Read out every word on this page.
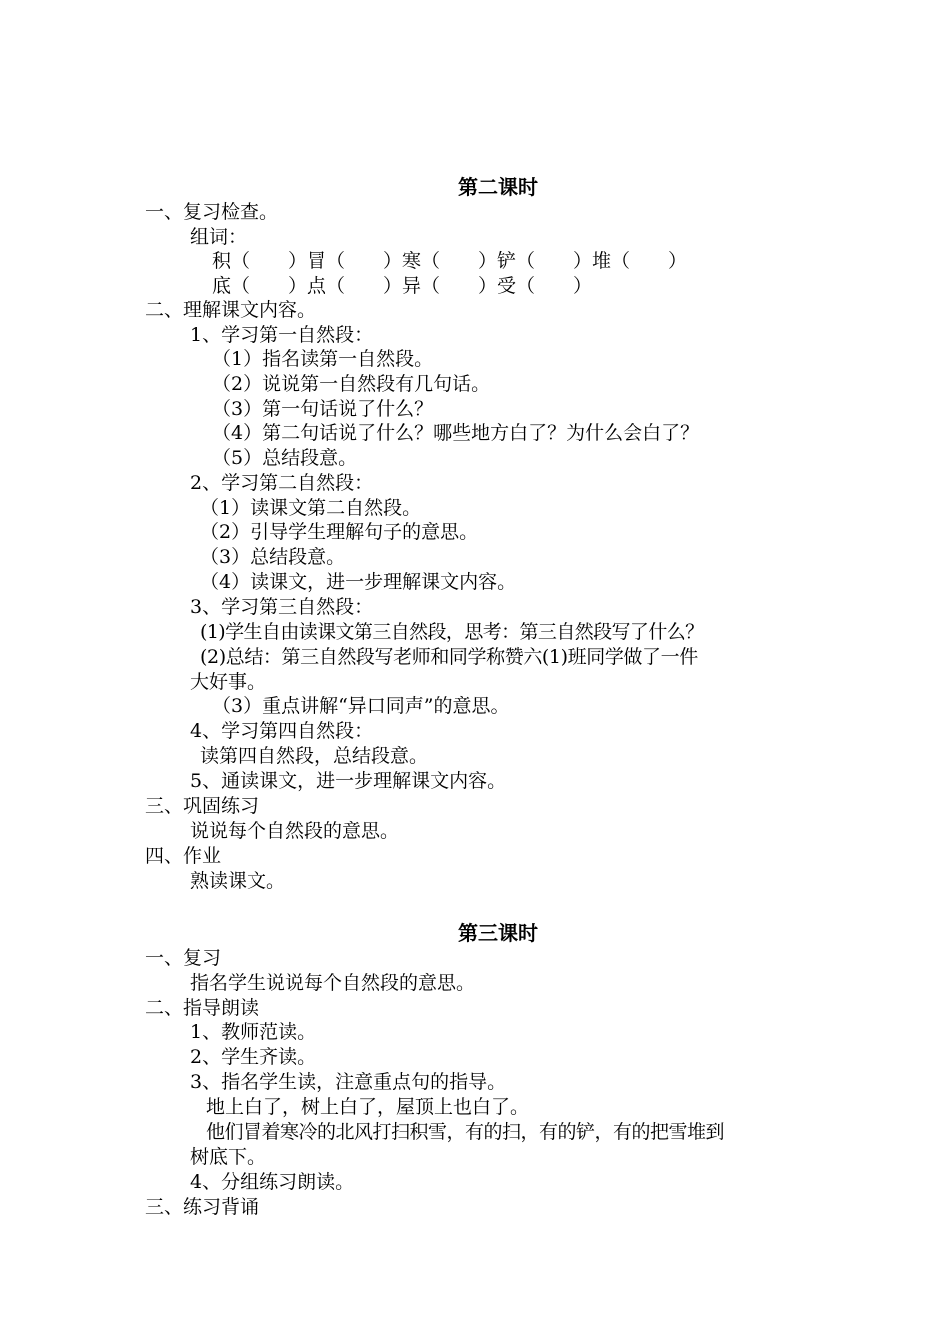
第二课时
一、复习检查。
组词：
积（　　）冒（　　）寒（　　）铲（　　）堆（　　）
底（　　）点（　　）异（　　）受（　　）
二、理解课文内容。
1、学习第一自然段：
（1）指名读第一自然段。
（2）说说第一自然段有几句话。
（3）第一句话说了什么？
（4）第二句话说了什么？哪些地方白了？为什么会白了？
（5）总结段意。
2、学习第二自然段：
（1）读课文第二自然段。
（2）引导学生理解句子的意思。
（3）总结段意。
（4）读课文，进一步理解课文内容。
3、学习第三自然段：
(1)学生自由读课文第三自然段，思考：第三自然段写了什么？
(2)总结：第三自然段写老师和同学称赞六(1)班同学做了一件
大好事。
（3）重点讲解“异口同声”的意思。
4、学习第四自然段：
读第四自然段，总结段意。
5、通读课文，进一步理解课文内容。
三、巩固练习
说说每个自然段的意思。
四、作业
熟读课文。
第三课时
一、复习
指名学生说说每个自然段的意思。
二、指导朗读
1、教师范读。
2、学生齐读。
3、指名学生读，注意重点句的指导。
地上白了，树上白了，屋顶上也白了。
他们冒着寒冷的北风打扫积雪，有的扫，有的铲，有的把雪堆到
树底下。
4、分组练习朗读。
三、练习背诵
